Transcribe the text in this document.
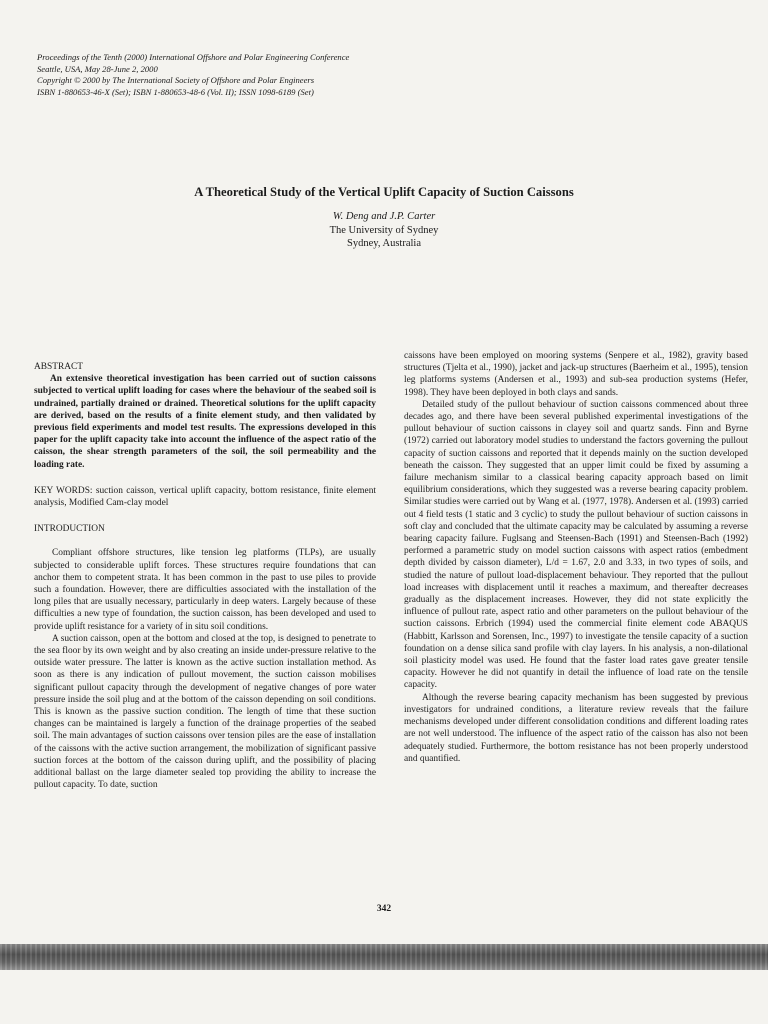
Proceedings of the Tenth (2000) International Offshore and Polar Engineering Conference
Seattle, USA, May 28-June 2, 2000
Copyright © 2000 by The International Society of Offshore and Polar Engineers
ISBN 1-880653-46-X (Set); ISBN 1-880653-48-6 (Vol. II); ISSN 1098-6189 (Set)
A Theoretical Study of the Vertical Uplift Capacity of Suction Caissons
W. Deng and J.P. Carter
The University of Sydney
Sydney, Australia

ABSTRACT

An extensive theoretical investigation has been carried out of suction caissons subjected to vertical uplift loading for cases where the behaviour of the seabed soil is undrained, partially drained or drained. Theoretical solutions for the uplift capacity are derived, based on the results of a finite element study, and then validated by previous field experiments and model test results. The expressions developed in this paper for the uplift capacity take into account the influence of the aspect ratio of the caisson, the shear strength parameters of the soil, the soil permeability and the loading rate.

KEY WORDS: suction caisson, vertical uplift capacity, bottom resistance, finite element analysis, Modified Cam-clay model

INTRODUCTION

Compliant offshore structures, like tension leg platforms (TLPs), are usually subjected to considerable uplift forces. These structures require foundations that can anchor them to competent strata. It has been common in the past to use piles to provide such a foundation. However, there are difficulties associated with the installation of the long piles that are usually necessary, particularly in deep waters. Largely because of these difficulties a new type of foundation, the suction caisson, has been developed and used to provide uplift resistance for a variety of in situ soil conditions.

A suction caisson, open at the bottom and closed at the top, is designed to penetrate to the sea floor by its own weight and by also creating an inside under-pressure relative to the outside water pressure. The latter is known as the active suction installation method. As soon as there is any indication of pullout movement, the suction caisson mobilises significant pullout capacity through the development of negative changes of pore water pressure inside the soil plug and at the bottom of the caisson depending on soil conditions. This is known as the passive suction condition. The length of time that these suction changes can be maintained is largely a function of the drainage properties of the seabed soil. The main advantages of suction caissons over tension piles are the ease of installation of the caissons with the active suction arrangement, the mobilization of significant passive suction forces at the bottom of the caisson during uplift, and the possibility of placing additional ballast on the large diameter sealed top providing the ability to increase the pullout capacity. To date, suction

caissons have been employed on mooring systems (Senpere et al., 1982), gravity based structures (Tjelta et al., 1990), jacket and jack-up structures (Baerheim et al., 1995), tension leg platforms systems (Andersen et al., 1993) and sub-sea production systems (Hefer, 1998). They have been deployed in both clays and sands.

Detailed study of the pullout behaviour of suction caissons commenced about three decades ago, and there have been several published experimental investigations of the pullout behaviour of suction caissons in clayey soil and quartz sands. Finn and Byrne (1972) carried out laboratory model studies to understand the factors governing the pullout capacity of suction caissons and reported that it depends mainly on the suction developed beneath the caisson. They suggested that an upper limit could be fixed by assuming a failure mechanism similar to a classical bearing capacity approach based on limit equilibrium considerations, which they suggested was a reverse bearing capacity problem. Similar studies were carried out by Wang et al. (1977, 1978). Andersen et al. (1993) carried out 4 field tests (1 static and 3 cyclic) to study the pullout behaviour of suction caissons in soft clay and concluded that the ultimate capacity may be calculated by assuming a reverse bearing capacity failure. Fuglsang and Steensen-Bach (1991) and Steensen-Bach (1992) performed a parametric study on model suction caissons with aspect ratios (embedment depth divided by caisson diameter), L/d = 1.67, 2.0 and 3.33, in two types of soils, and studied the nature of pullout load-displacement behaviour. They reported that the pullout load increases with displacement until it reaches a maximum, and thereafter decreases gradually as the displacement increases. However, they did not state explicitly the influence of pullout rate, aspect ratio and other parameters on the pullout behaviour of the suction caissons. Erbrich (1994) used the commercial finite element code ABAQUS (Habbitt, Karlsson and Sorensen, Inc., 1997) to investigate the tensile capacity of a suction foundation on a dense silica sand profile with clay layers. In his analysis, a non-dilational soil plasticity model was used. He found that the faster load rates gave greater tensile capacity. However he did not quantify in detail the influence of load rate on the tensile capacity.

Although the reverse bearing capacity mechanism has been suggested by previous investigators for undrained conditions, a literature review reveals that the failure mechanisms developed under different consolidation conditions and different loading rates are not well understood. The influence of the aspect ratio of the caisson has also not been adequately studied. Furthermore, the bottom resistance has not been properly understood and quantified.

342
